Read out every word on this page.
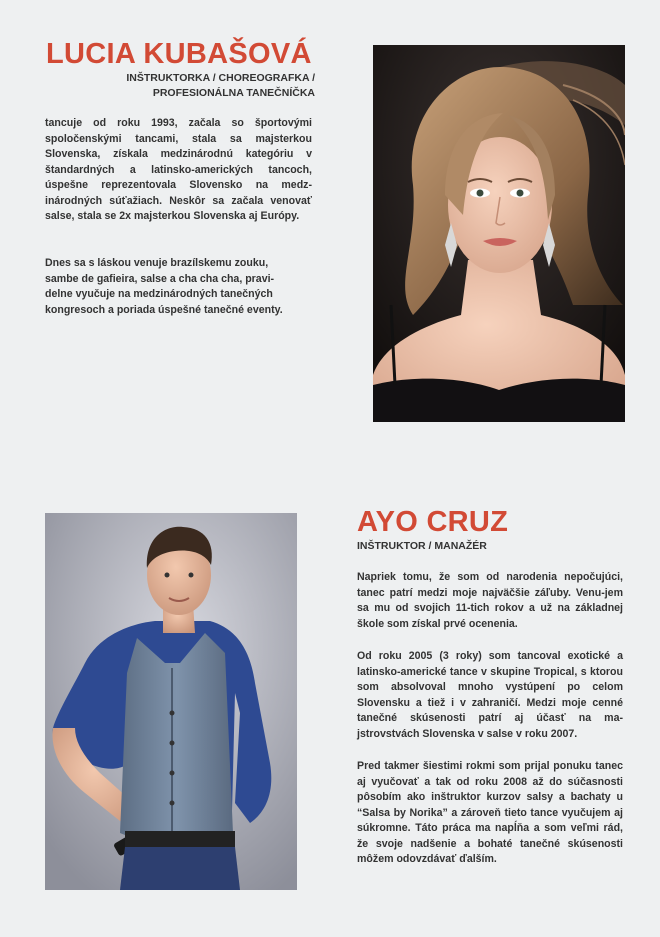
LUCIA KUBAŠOVÁ
INŠTRUKTORKA / CHOREOGRAFKA /
PROFESIONÁLNA TANEČNÍČKA

tancuje od roku 1993, začala so športovými spoločenskými tancami, stala sa majsterkou Slovenska, získala medzinárodnú kategóriu v štandardných a latinsko-amerických tancoch, úspešne reprezentovala Slovensko na medz-inárodných súťažiach. Neskôr sa začala venovať salse, stala se 2x majsterkou Slovenska aj Európy.

Dnes sa s láskou venuje brazílskemu zouku,
sambe de gafieira, salse a cha cha cha, pravi-
delne vyučuje na medzinárodných tanečných
kongresoch a poriada úspešné tanečné eventy.
AYO CRUZ
INŠTRUKTOR / MANAŽÉR

Napriek tomu, že som od narodenia nepočujúci, tanec patrí medzi moje najväčšie záľuby. Venu-jem sa mu od svojich 11-tich rokov a už na základnej škole som získal prvé ocenenia.

Od roku 2005 (3 roky) som tancoval exotické a latinsko-americké tance v skupine Tropical, s ktorou som absolvoval mnoho vystúpení po celom Slovensku a tiež i v zahraničí. Medzi moje cenné tanečné skúsenosti patrí aj účasť na ma-jstrovstvách Slovenska v salse v roku 2007.

Pred takmer šiestimi rokmi som prijal ponuku tanec aj vyučovať a tak od roku 2008 až do súčasnosti pôsobím ako inštruktor kurzov salsy a bachaty u “Salsa by Norika” a zároveň tieto tance vyučujem aj súkromne. Táto práca ma napĺňa a som veľmi rád, že svoje nadšenie a bohaté tanečné skúsenosti môžem odovzdávať ďalším.
